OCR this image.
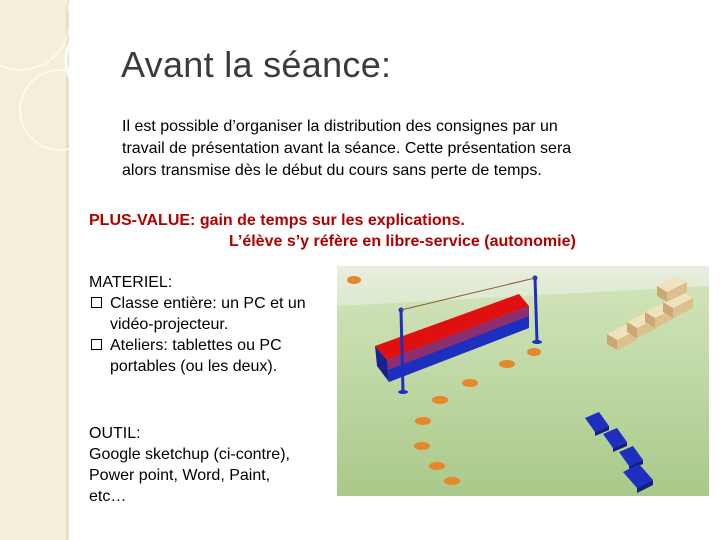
Avant la séance:
Il est possible d’organiser la distribution des consignes par un
travail de présentation avant la séance. Cette présentation sera
alors transmise dès le début du cours sans perte de temps.
PLUS-VALUE: gain de temps sur les explications.
L’élève s’y réfère en libre-service (autonomie)
MATERIEL:
Classe entière: un PC et un
vidéo-projecteur.
Ateliers: tablettes ou PC
portables (ou les deux).
OUTIL:
Google sketchup (ci-contre),
Power point, Word, Paint,
etc…
